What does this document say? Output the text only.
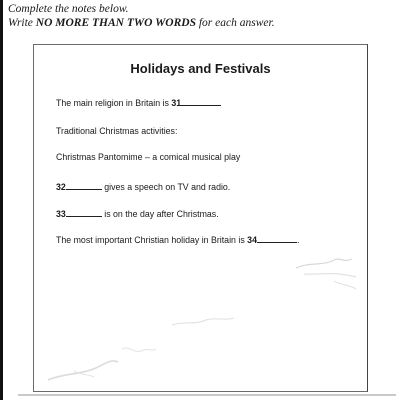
Complete the notes below.
Write NO MORE THAN TWO WORDS for each answer.
Holidays and Festivals
The main religion in Britain is 31
Traditional Christmas activities:
Christmas Pantomime – a comical musical play
32	gives a speech on TV and radio.
33	is on the day after Christmas.
The most important Christian holiday in Britain is 34	.
